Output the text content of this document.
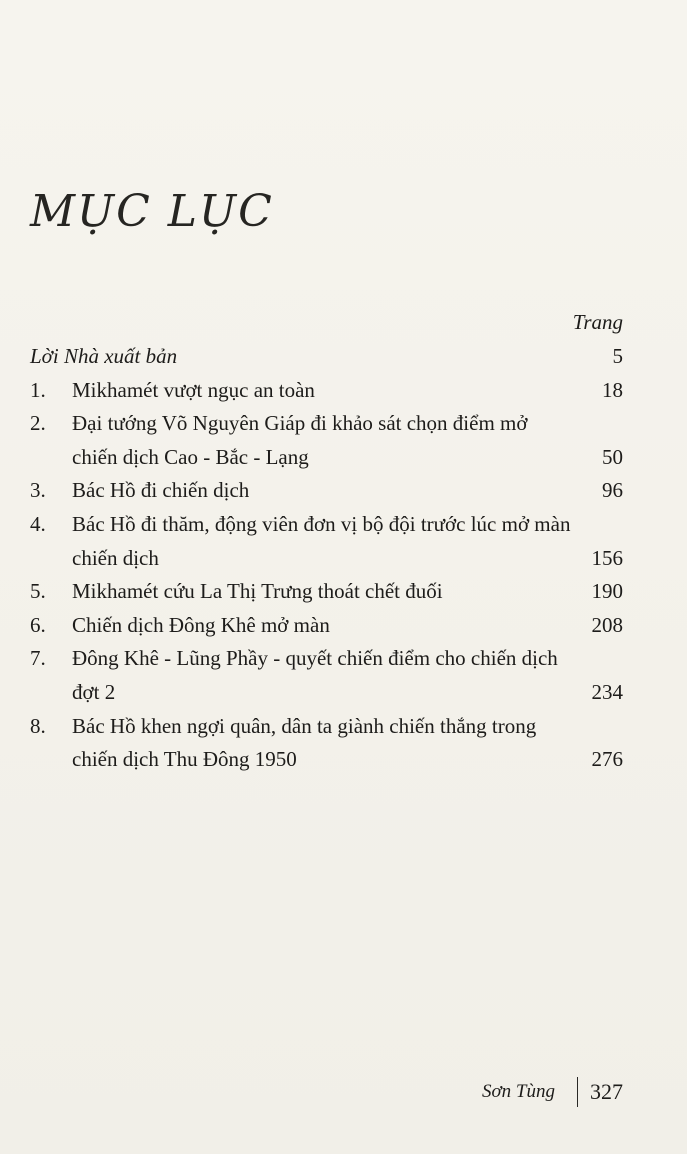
MỤC LỤC
Trang
Lời Nhà xuất bản	5
1.	Mikhamét vượt ngục an toàn	18
2.	Đại tướng Võ Nguyên Giáp đi khảo sát chọn điểm mở chiến dịch Cao - Bắc - Lạng	50
3.	Bác Hồ đi chiến dịch	96
4.	Bác Hồ đi thăm, động viên đơn vị bộ đội trước lúc mở màn chiến dịch	156
5.	Mikhamét cứu La Thị Trưng thoát chết đuối	190
6.	Chiến dịch Đông Khê mở màn	208
7.	Đông Khê - Lũng Phầy - quyết chiến điểm cho chiến dịch đợt 2	234
8.	Bác Hồ khen ngợi quân, dân ta giành chiến thắng trong chiến dịch Thu Đông 1950	276
Sơn Tùng 327
